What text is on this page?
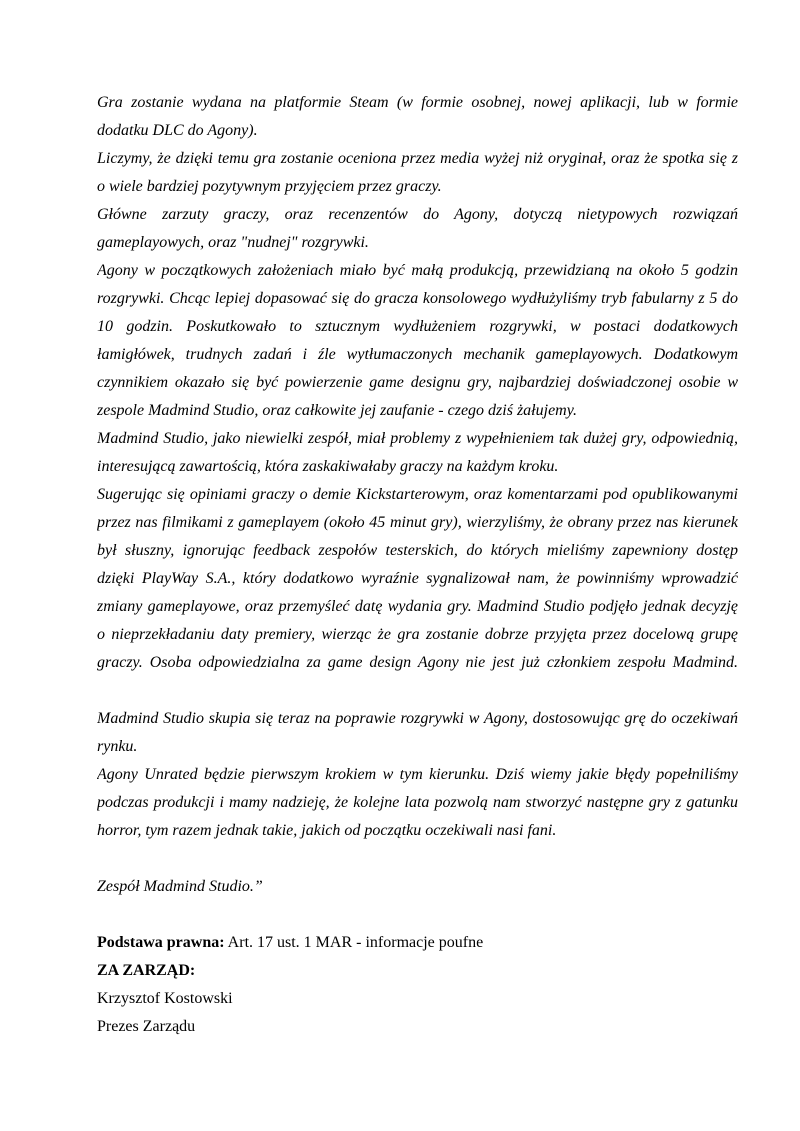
Gra zostanie wydana na platformie Steam (w formie osobnej, nowej aplikacji, lub w formie
dodatku DLC do Agony).
Liczymy, że dzięki temu gra zostanie oceniona przez media wyżej niż oryginał, oraz że spotka się z
o wiele bardziej pozytywnym przyjęciem przez graczy.
Główne zarzuty graczy, oraz recenzentów do Agony, dotyczą nietypowych rozwiązań
gameplayowych, oraz "nudnej" rozgrywki.
Agony w początkowych założeniach miało być małą produkcją, przewidzianą na około 5 godzin
rozgrywki. Chcąc lepiej dopasować się do gracza konsolowego wydłużyliśmy tryb fabularny z 5 do
10 godzin. Poskutkowało to sztucznym wydłużeniem rozgrywki, w postaci dodatkowych
łamigłówek, trudnych zadań i źle wytłumaczonych mechanik gameplayowych. Dodatkowym
czynnikiem okazało się być powierzenie game designu gry, najbardziej doświadczonej osobie w
zespole Madmind Studio, oraz całkowite jej zaufanie - czego dziś żałujemy.
Madmind Studio, jako niewielki zespół, miał problemy z wypełnieniem tak dużej gry, odpowiednią,
interesującą zawartością, która zaskakiwałaby graczy na każdym kroku.
Sugerując się opiniami graczy o demie Kickstarterowym, oraz komentarzami pod opublikowanymi
przez nas filmikami z gameplayem (około 45 minut gry), wierzyliśmy, że obrany przez nas kierunek
był słuszny, ignorując feedback zespołów testerskich, do których mieliśmy zapewniony dostęp
dzięki PlayWay S.A., który dodatkowo wyraźnie sygnalizował nam, że powinniśmy wprowadzić
zmiany gameplayowe, oraz przemyśleć datę wydania gry. Madmind Studio podjęło jednak decyzję
o nieprzekładaniu daty premiery, wierząc że gra zostanie dobrze przyjęta przez docelową grupę
graczy. Osoba odpowiedzialna za game design Agony nie jest już członkiem zespołu Madmind.
Madmind Studio skupia się teraz na poprawie rozgrywki w Agony, dostosowując grę do oczekiwań
rynku.
Agony Unrated będzie pierwszym krokiem w tym kierunku. Dziś wiemy jakie błędy popełniliśmy
podczas produkcji i mamy nadzieję, że kolejne lata pozwolą nam stworzyć następne gry z gatunku
horror, tym razem jednak takie, jakich od początku oczekiwali nasi fani.
Zespół Madmind Studio.”
Podstawa prawna: Art. 17 ust. 1 MAR - informacje poufne
ZA ZARZĄD:
Krzysztof Kostowski
Prezes Zarządu
